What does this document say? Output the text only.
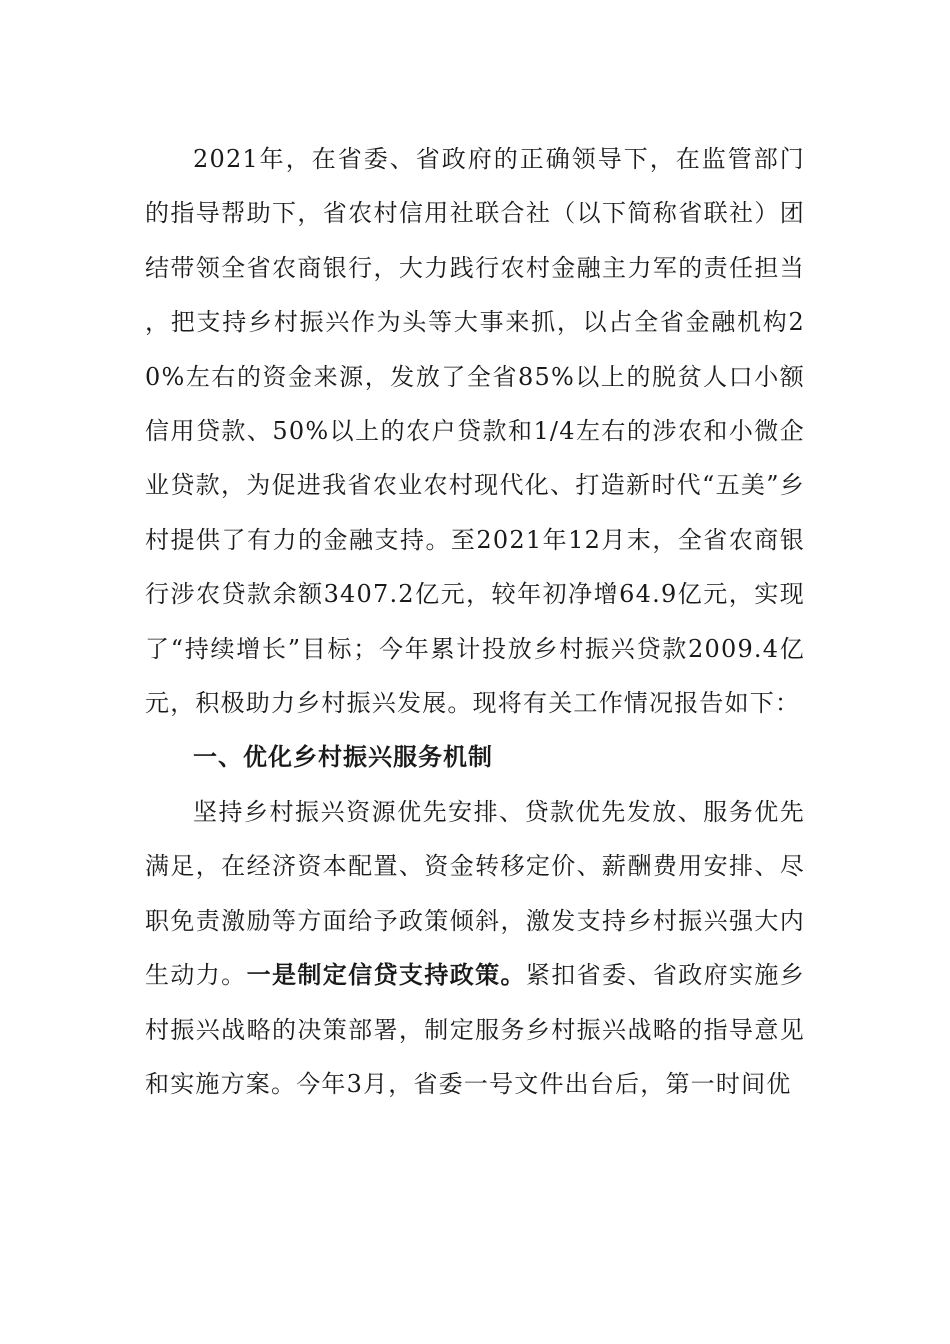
2021年，在省委、省政府的正确领导下，在监管部门的指导帮助下，省农村信用社联合社（以下简称省联社）团结带领全省农商银行，大力践行农村金融主力军的责任担当，把支持乡村振兴作为头等大事来抓，以占全省金融机构20%左右的资金来源，发放了全省85%以上的脱贫人口小额信用贷款、50%以上的农户贷款和1/4左右的涉农和小微企业贷款，为促进我省农业农村现代化、打造新时代“五美”乡村提供了有力的金融支持。至2021年12月末，全省农商银行涉农贷款余额3407.2亿元，较年初净增64.9亿元，实现了“持续增长”目标；今年累计投放乡村振兴贷款2009.4亿元，积极助力乡村振兴发展。现将有关工作情况报告如下：

一、优化乡村振兴服务机制

坚持乡村振兴资源优先安排、贷款优先发放、服务优先满足，在经济资本配置、资金转移定价、薪酬费用安排、尽职免责激励等方面给予政策倾斜，激发支持乡村振兴强大内生动力。一是制定信贷支持政策。紧扣省委、省政府实施乡村振兴战略的决策部署，制定服务乡村振兴战略的指导意见和实施方案。今年3月，省委一号文件出台后，第一时间优
